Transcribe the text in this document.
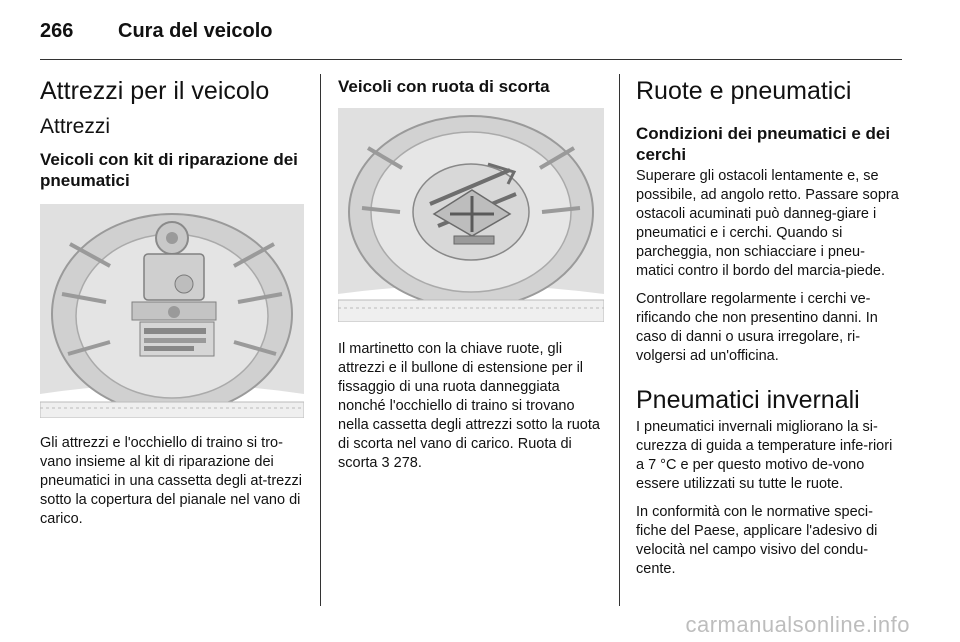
266	Cura del veicolo
Attrezzi per il veicolo
Attrezzi
Veicoli con kit di riparazione dei pneumatici

Gli attrezzi e l'occhiello di traino si tro-vano insieme al kit di riparazione dei pneumatici in una cassetta degli at-trezzi sotto la copertura del pianale nel vano di carico.

Veicoli con ruota di scorta

Il martinetto con la chiave ruote, gli attrezzi e il bullone di estensione per il fissaggio di una ruota danneggiata nonché l'occhiello di traino si trovano nella cassetta degli attrezzi sotto la ruota di scorta nel vano di carico. Ruota di scorta 3 278.

Ruote e pneumatici
Condizioni dei pneumatici e dei cerchi

Superare gli ostacoli lentamente e, se possibile, ad angolo retto. Passare sopra ostacoli acuminati può danneg-giare i pneumatici e i cerchi. Quando si parcheggia, non schiacciare i pneu-matici contro il bordo del marcia-piede.

Controllare regolarmente i cerchi ve-rificando che non presentino danni. In caso di danni o usura irregolare, ri-volgersi ad un'officina.

Pneumatici invernali

I pneumatici invernali migliorano la si-curezza di guida a temperature infe-riori a 7 °C e per questo motivo de-vono essere utilizzati su tutte le ruote.

In conformità con le normative speci-fiche del Paese, applicare l'adesivo di velocità nel campo visivo del condu-cente.

carmanualsonline.info
